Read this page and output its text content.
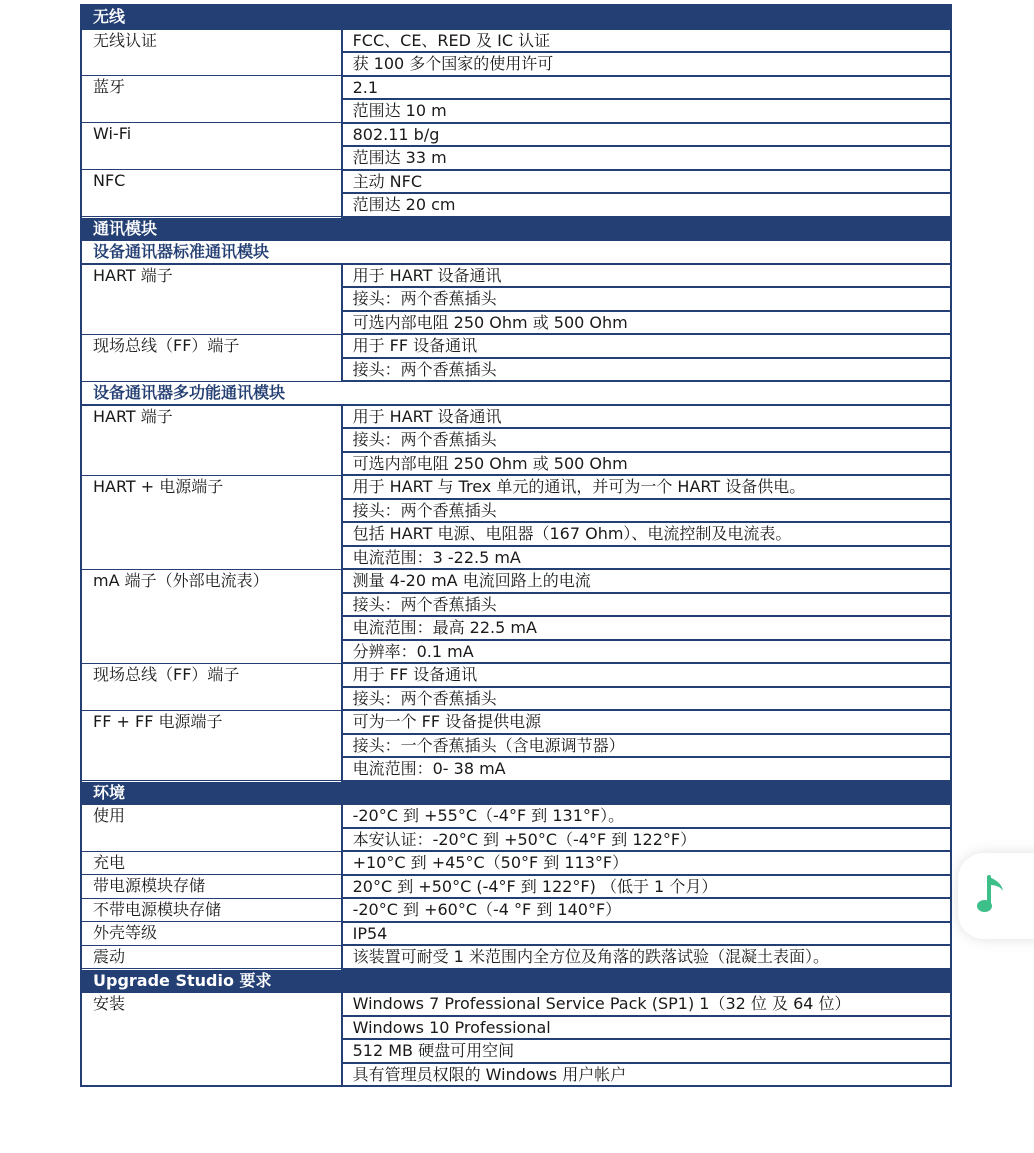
无线	
无线认证	FCC、CE、RED 及 IC 认证
	获 100 多个国家的使用许可
蓝牙	2.1
	范围达 10 m
Wi-Fi	802.11 b/g
	范围达 33 m
NFC	主动 NFC
	范围达 20 cm
通讯模块	
设备通讯器标准通讯模块	
HART 端子	用于 HART 设备通讯
	接头：两个香蕉插头
	可选内部电阻 250 Ohm 或 500 Ohm
现场总线（FF）端子	用于 FF 设备通讯
	接头：两个香蕉插头
设备通讯器多功能通讯模块	
HART 端子	用于 HART 设备通讯
	接头：两个香蕉插头
	可选内部电阻 250 Ohm 或 500 Ohm
HART + 电源端子	用于 HART 与 Trex 单元的通讯，并可为一个 HART 设备供电。
	接头：两个香蕉插头
	包括 HART 电源、电阻器（167 Ohm）、电流控制及电流表。
	电流范围：3 -22.5 mA
mA 端子（外部电流表）	测量 4-20 mA 电流回路上的电流
	接头：两个香蕉插头
	电流范围：最高 22.5 mA
	分辨率：0.1 mA
现场总线（FF）端子	用于 FF 设备通讯
	接头：两个香蕉插头
FF + FF 电源端子	可为一个 FF 设备提供电源
	接头：一个香蕉插头（含电源调节器）
	电流范围：0- 38 mA
环境	
使用	-20°C 到 +55°C（-4°F 到 131°F）。
	本安认证：-20°C 到 +50°C（-4°F 到 122°F）
充电	+10°C 到 +45°C（50°F 到 113°F）
带电源模块存储	20°C 到 +50°C (-4°F 到 122°F) （低于 1 个月）
不带电源模块存储	-20°C 到 +60°C（-4 °F 到 140°F）
外壳等级	IP54
震动	该装置可耐受 1 米范围内全方位及角落的跌落试验（混凝土表面）。
Upgrade Studio 要求	
安装	Windows 7 Professional Service Pack (SP1) 1（32 位 及 64 位）
	Windows 10 Professional
	512 MB 硬盘可用空间
	具有管理员权限的 Windows 用户帐户
